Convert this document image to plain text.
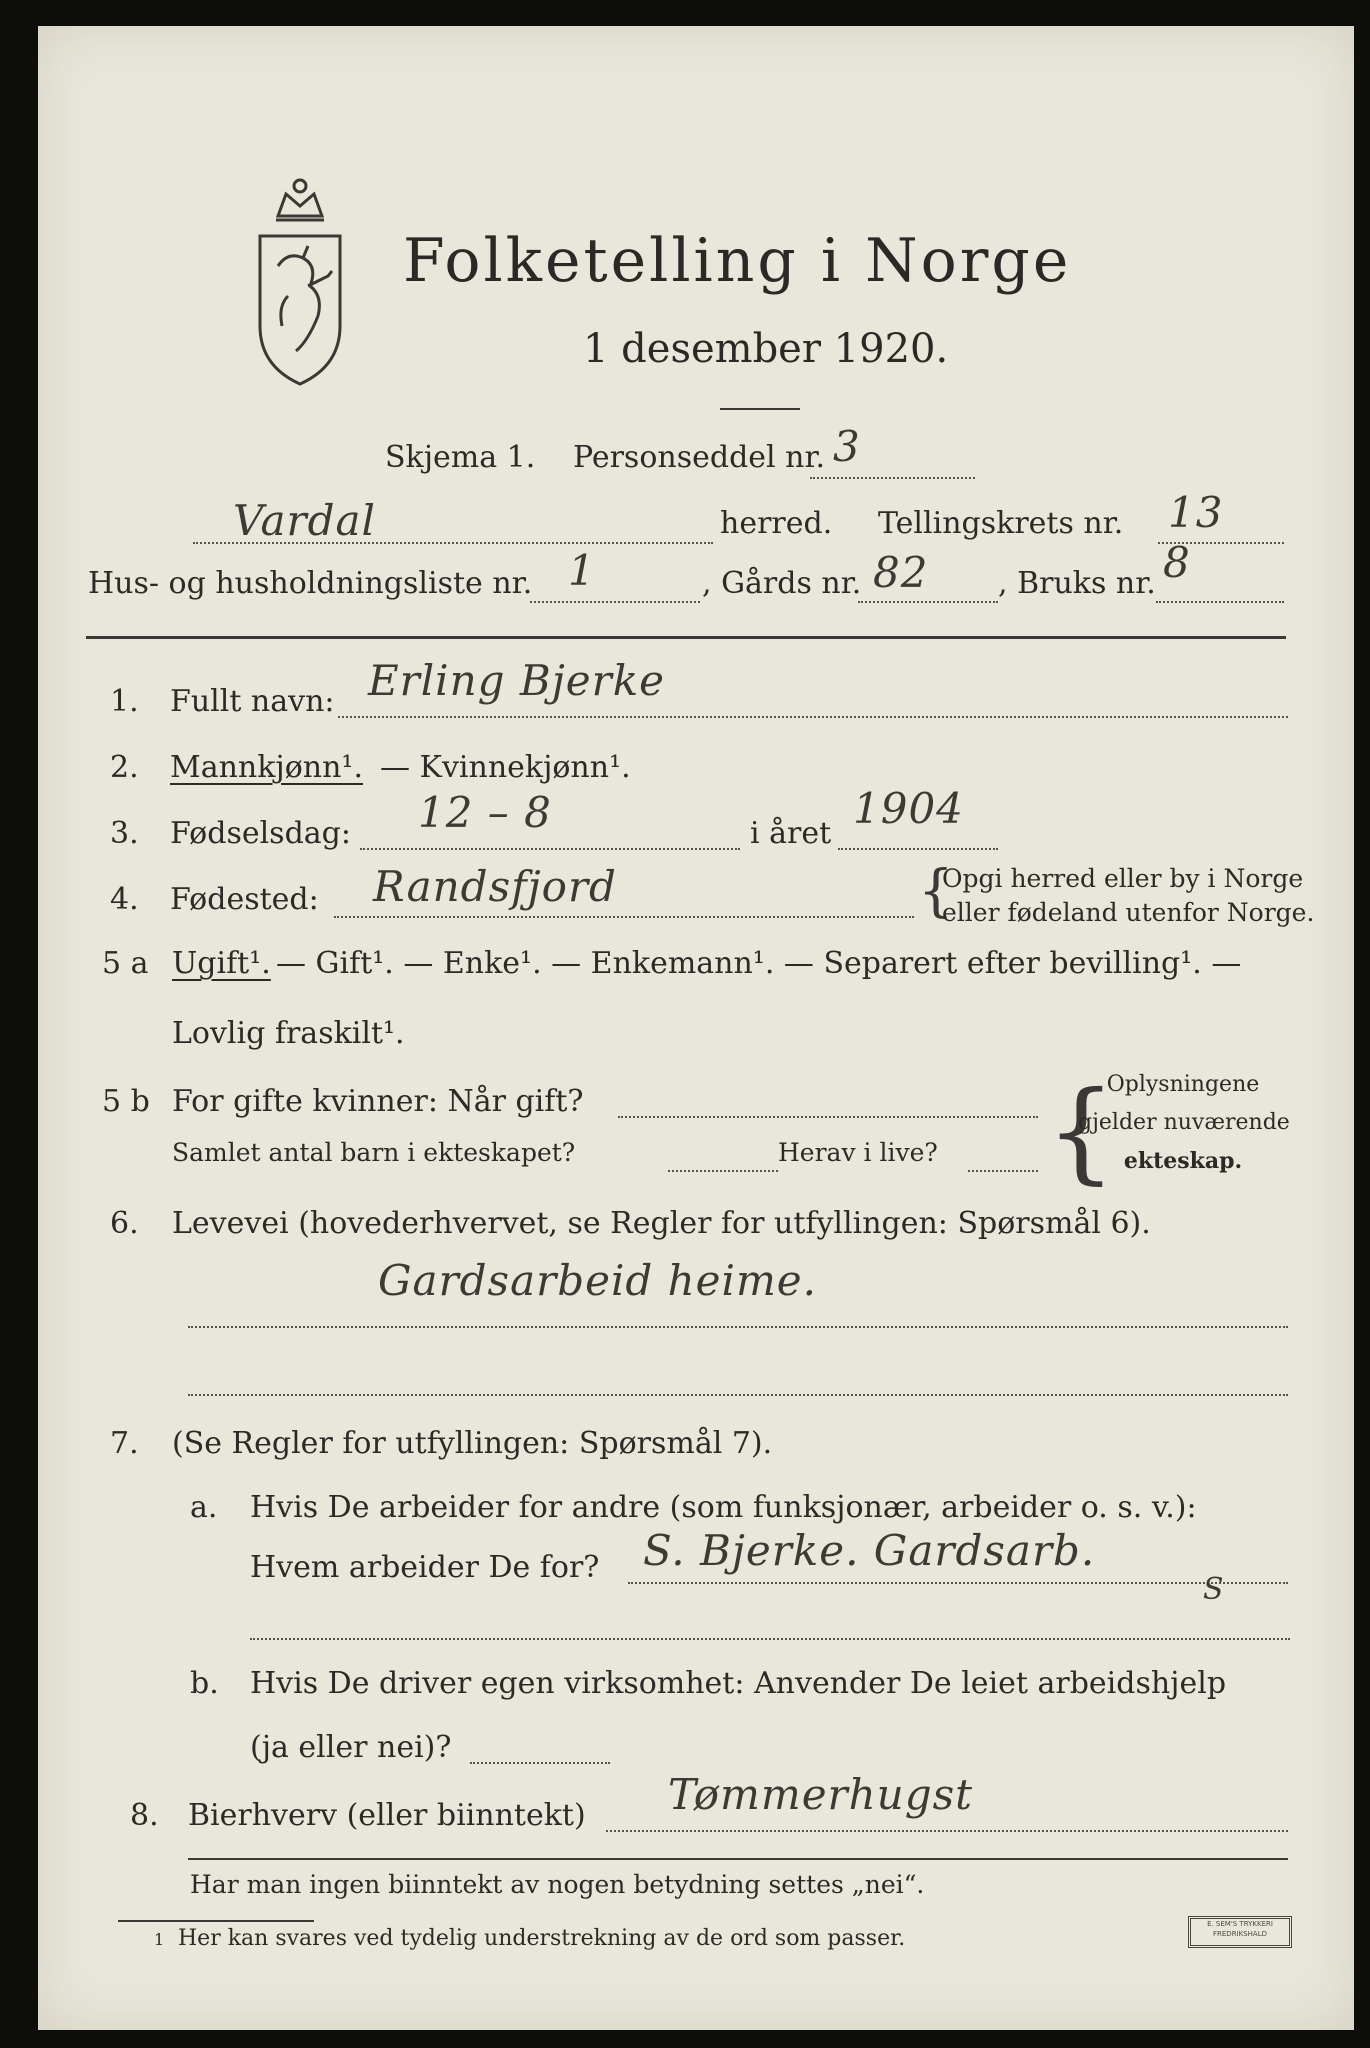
Folketelling i Norge
1 desember 1920.
Skjema 1. Personseddel nr. 3
Vardal	herred. Tellingskrets nr. 13
Hus- og husholdningsliste nr. 1	, Gårds nr. 82 , Bruks nr. 8
1. Fullt navn: Erling Bjerke
2. Mannkjønn¹. — Kvinnekjønn¹.
3. Fødselsdag: 12 – 8	i året
1904
4. Fødested: Randsfjord	{
Opgi herred eller by i Norge
eller fødeland utenfor Norge.
5 a Ugift¹. — Gift¹. — Enke¹. — Enkemann¹. — Separert efter bevilling¹. —
Lovlig fraskilt¹.
5 b For gifte kvinner: Når gift?
Samlet antal barn i ekteskapet?	Herav i live? {
Oplysningene
gjelder nuværende
ekteskap.
6. Levevei (hovederhvervet, se Regler for utfyllingen: Spørsmål 6).
Gardsarbeid heime.
7. (Se Regler for utfyllingen: Spørsmål 7).
a. Hvis De arbeider for andre (som funksjonær, arbeider o. s. v.):
Hvem arbeider De for? S. Bjerke. Gardsarb.
S
b. Hvis De driver egen virksomhet: Anvender De leiet arbeidshjelp
(ja eller nei)?
8. Bierhverv (eller biinntekt) Tømmerhugst
Har man ingen biinntekt av nogen betydning settes „nei“.
1 Her kan svares ved tydelig understrekning av de ord som passer.
E. SEM'S TRYKKERI FREDRIKSHALD
